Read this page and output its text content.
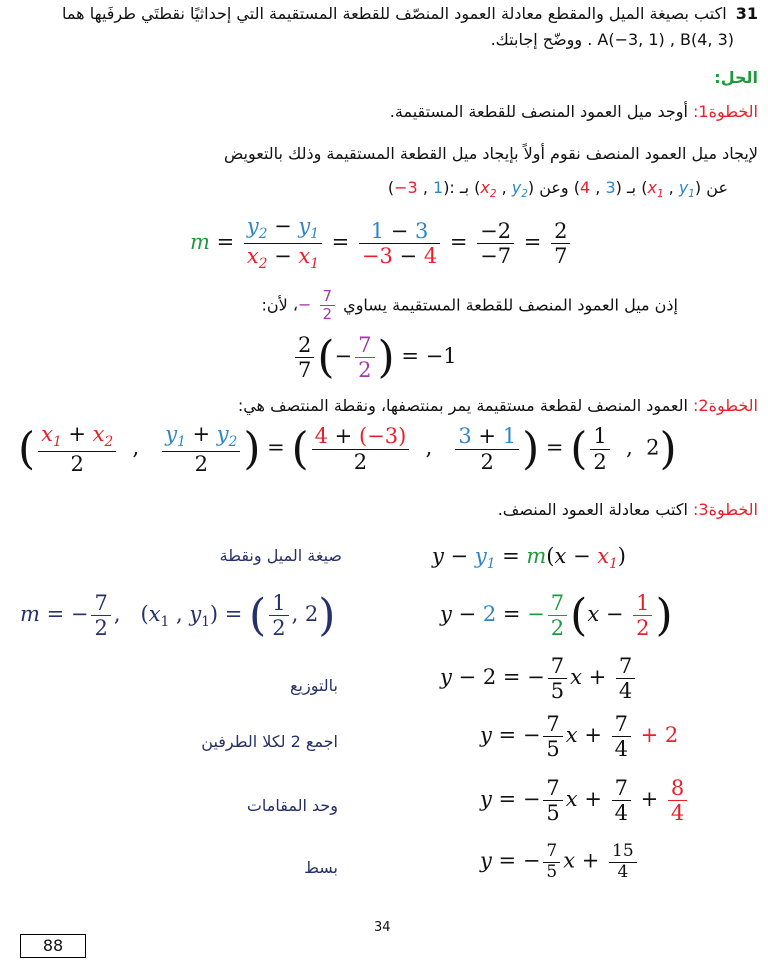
31 اكتب بصيغة الميل والمقطع معادلة العمود المنصّف للقطعة المستقيمة التي إحداثيًا نقطتَي طرفَيها هما
A(−3, 1) , B(4, 3) . ووضّح إجابتك.
الحل:
الخطوة1: أوجد ميل العمود المنصف للقطعة المستقيمة.
لإيجاد ميل العمود المنصف نقوم أولاً بإيجاد ميل القطعة المستقيمة وذلك بالتعويض
عن ($x_1$ , $y_1$) بـ (4 , 3) وعن ($x_2$ , $y_2$) بـ (−3 , 1):
$m = \frac{y_2 - y_1}{x_2 - x_1} = \frac{1 - 3}{-3 - 4} = \frac{-2}{-7} = \frac{2}{7}$
إذن ميل العمود المنصف للقطعة المستقيمة يساوي − $\frac{7}{2}$
، لأن:
$\frac{2}{7}$ (− $\frac{7}{2}$ ) = −1
الخطوة2: العمود المنصف لقطعة مستقيمة يمر بمنتصفها، ونقطة المنتصف هي:
( $\frac{x_1 + x_2}{2}$ , $\frac{y_1 + y_2}{2}$ ) = ( $\frac{4 + (-3)}{2}$ , $\frac{3 + 1}{2}$ ) = ( $\frac{1}{2}$ ,  2)
الخطوة3: اكتب معادلة العمود المنصف.
صيغة الميل ونقطة
بالتوزيع
اجمع 2 لكلا الطرفين
وحد المقامات
بسط
m = − $\frac{7}{2}$ ,   ($x_1$ , $y_1$) = ( $\frac{1}{2}$ , 2)
$y - y_1 = m(x - x_1)$
y − 2 = − $\frac{7}{2} (x - \frac{1}{2}$ )
y − 2 = − $\frac{7}{5}$ $x + \frac{7}{4}$
y = − $\frac{7}{5}$ $x + \frac{7}{4} + 2$
y = − $\frac{7}{5}$ $x + \frac{7}{4} + \frac{8}{4}$
y = − $\frac{7}{5}$ $x + \frac{15}{4}$
34
88
